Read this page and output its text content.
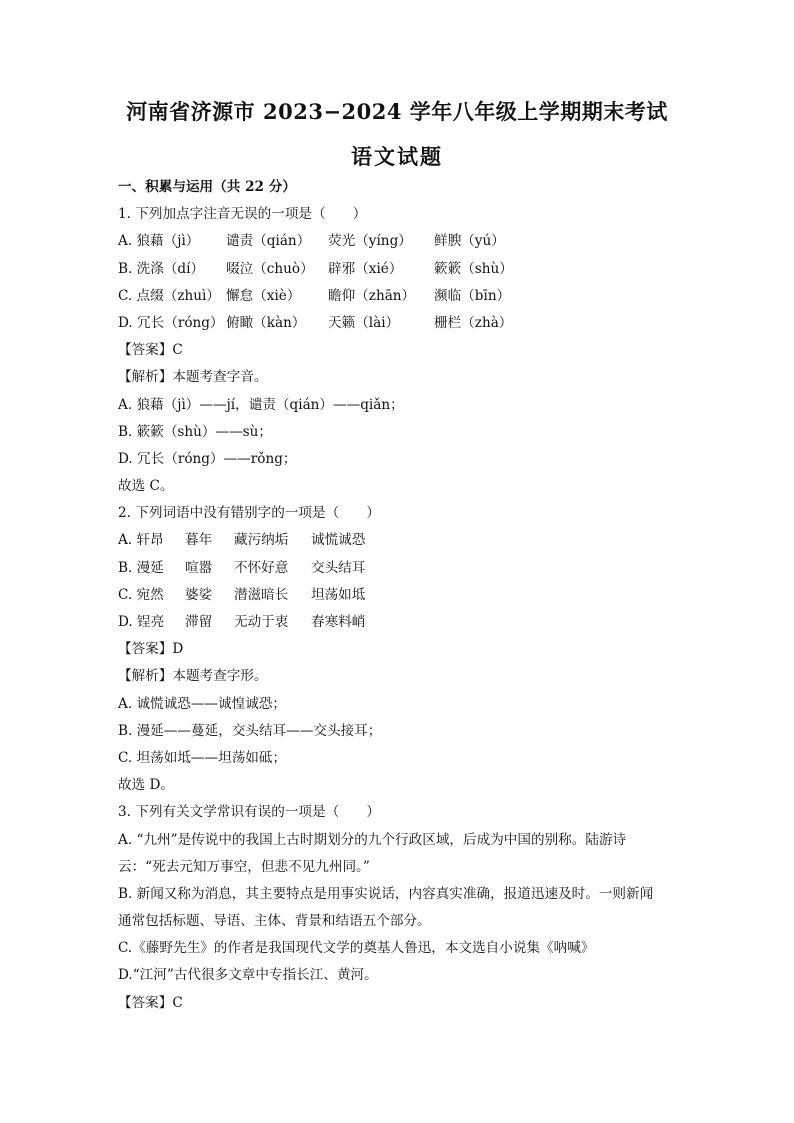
河南省济源市 2023−2024 学年八年级上学期期末考试
语文试题
一、积累与运用（共 22 分）
1. 下列加点字注音无误的一项是（　　）
A. 狼藉（jì）	谴责（qián）	荧光（yíng）	鲜腴（yú）
B. 洗涤（dí）	啜泣（chuò）	辟邪（xié）	簌簌（shù）
C. 点缀（zhuì） 懈怠（xiè）	瞻仰（zhān）	濒临（bīn）
D. 冗长（róng） 俯瞰（kàn）	天籁（lài）	栅栏（zhà）
【答案】C
【解析】本题考查字音。
A. 狼藉（jì）——jí，谴责（qián）——qiǎn；
B. 簌簌（shù）——sù；
D. 冗长（róng）——rǒng；
故选 C。
2. 下列词语中没有错别字的一项是（　　）
A. 轩昂	暮年	藏污纳垢	诚慌诚恐
B. 漫延	喧嚣	不怀好意	交头结耳
C. 宛然	婆娑	潜滋暗长	坦荡如坻
D. 锃亮	滞留	无动于衷	春寒料峭
【答案】D
【解析】本题考查字形。
A. 诚慌诚恐——诚惶诚恐；
B. 漫延——蔓延，交头结耳——交头接耳；
C. 坦荡如坻——坦荡如砥；
故选 D。
3. 下列有关文学常识有误的一项是（　　）
A. “九州”是传说中的我国上古时期划分的九个行政区域，后成为中国的别称。陆游诗
云：“死去元知万事空，但悲不见九州同。”
B. 新闻又称为消息，其主要特点是用事实说话，内容真实准确，报道迅速及时。一则新闻
通常包括标题、导语、主体、背景和结语五个部分。
C.《藤野先生》的作者是我国现代文学的奠基人鲁迅，本文选自小说集《呐喊》
D.“江河”古代很多文章中专指长江、黄河。
【答案】C
